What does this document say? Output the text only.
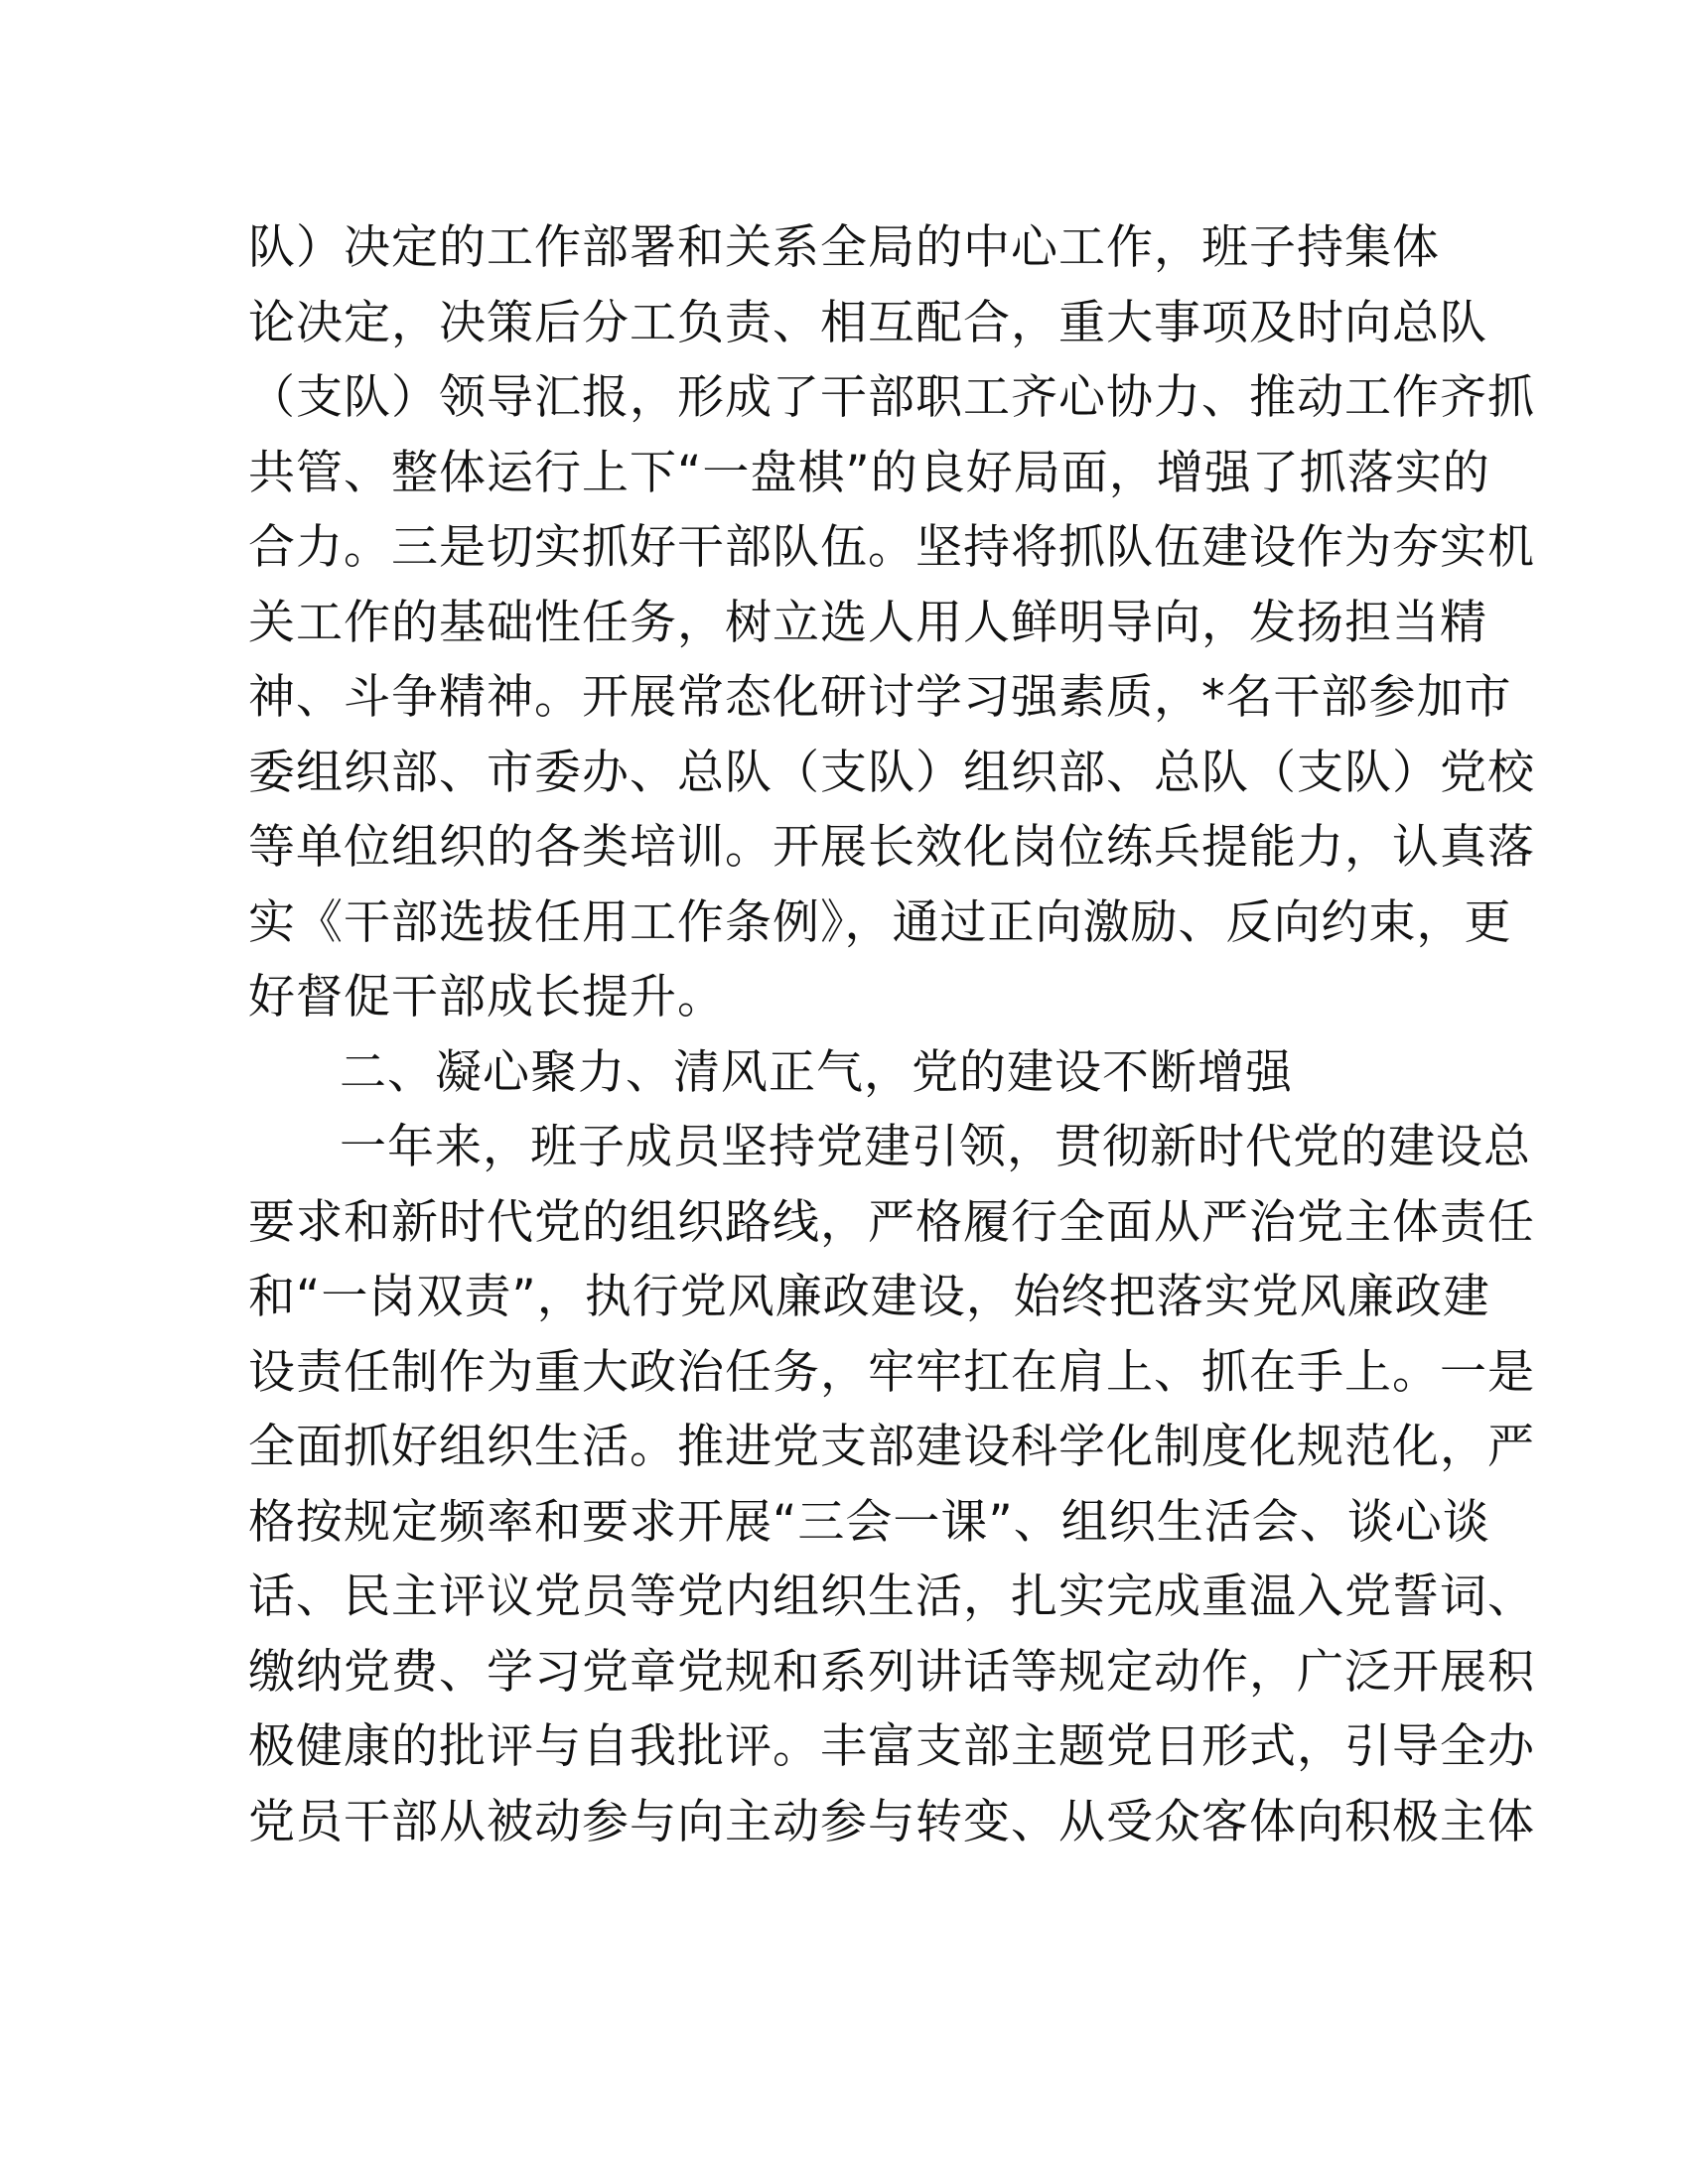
队）决定的工作部署和关系全局的中心工作，班子持集体
论决定，决策后分工负责、相互配合，重大事项及时向总队
（支队）领导汇报，形成了干部职工齐心协力、推动工作齐抓
共管、整体运行上下“一盘棋”的良好局面，增强了抓落实的
合力。三是切实抓好干部队伍。坚持将抓队伍建设作为夯实机
关工作的基础性任务，树立选人用人鲜明导向，发扬担当精
神、斗争精神。开展常态化研讨学习强素质，*名干部参加市
委组织部、市委办、总队（支队）组织部、总队（支队）党校
等单位组织的各类培训。开展长效化岗位练兵提能力，认真落
实《干部选拔任用工作条例》，通过正向激励、反向约束，更
好督促干部成长提升。
二、凝心聚力、清风正气，党的建设不断增强
一年来，班子成员坚持党建引领，贯彻新时代党的建设总
要求和新时代党的组织路线，严格履行全面从严治党主体责任
和“一岗双责”，执行党风廉政建设，始终把落实党风廉政建
设责任制作为重大政治任务，牢牢扛在肩上、抓在手上。一是
全面抓好组织生活。推进党支部建设科学化制度化规范化，严
格按规定频率和要求开展“三会一课”、组织生活会、谈心谈
话、民主评议党员等党内组织生活，扎实完成重温入党誓词、
缴纳党费、学习党章党规和系列讲话等规定动作，广泛开展积
极健康的批评与自我批评。丰富支部主题党日形式，引导全办
党员干部从被动参与向主动参与转变、从受众客体向积极主体
